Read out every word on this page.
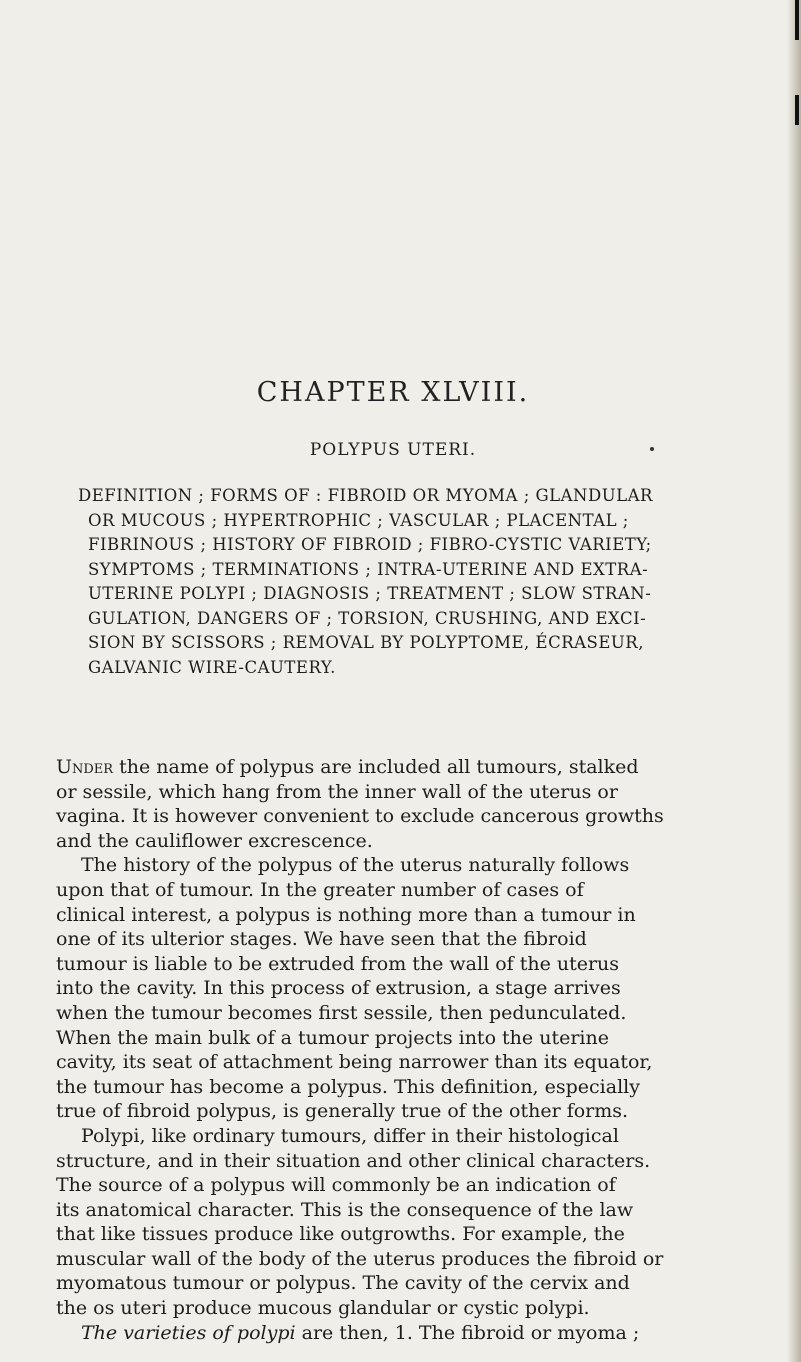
CHAPTER XLVIII.
POLYPUS UTERI.
DEFINITION ; FORMS OF : FIBROID OR MYOMA ; GLANDULAR
OR MUCOUS ; HYPERTROPHIC ; VASCULAR ; PLACENTAL ;
FIBRINOUS ; HISTORY OF FIBROID ; FIBRO-CYSTIC VARIETY;
SYMPTOMS ; TERMINATIONS ; INTRA-UTERINE AND EXTRA-
UTERINE POLYPI ; DIAGNOSIS ; TREATMENT ; SLOW STRAN-
GULATION, DANGERS OF ; TORSION, CRUSHING, AND EXCI-
SION BY SCISSORS ; REMOVAL BY POLYPTOME, ÉCRASEUR,
GALVANIC WIRE-CAUTERY.
Under the name of polypus are included all tumours, stalked
or sessile, which hang from the inner wall of the uterus or
vagina. It is however convenient to exclude cancerous growths
and the cauliflower excrescence.
The history of the polypus of the uterus naturally follows
upon that of tumour. In the greater number of cases of
clinical interest, a polypus is nothing more than a tumour in
one of its ulterior stages. We have seen that the fibroid
tumour is liable to be extruded from the wall of the uterus
into the cavity. In this process of extrusion, a stage arrives
when the tumour becomes first sessile, then pedunculated.
When the main bulk of a tumour projects into the uterine
cavity, its seat of attachment being narrower than its equator,
the tumour has become a polypus. This definition, especially
true of fibroid polypus, is generally true of the other forms.
Polypi, like ordinary tumours, differ in their histological
structure, and in their situation and other clinical characters.
The source of a polypus will commonly be an indication of
its anatomical character. This is the consequence of the law
that like tissues produce like outgrowths. For example, the
muscular wall of the body of the uterus produces the fibroid or
myomatous tumour or polypus. The cavity of the cervix and
the os uteri produce mucous glandular or cystic polypi.
The varieties of polypi are then, 1. The fibroid or myoma ;
